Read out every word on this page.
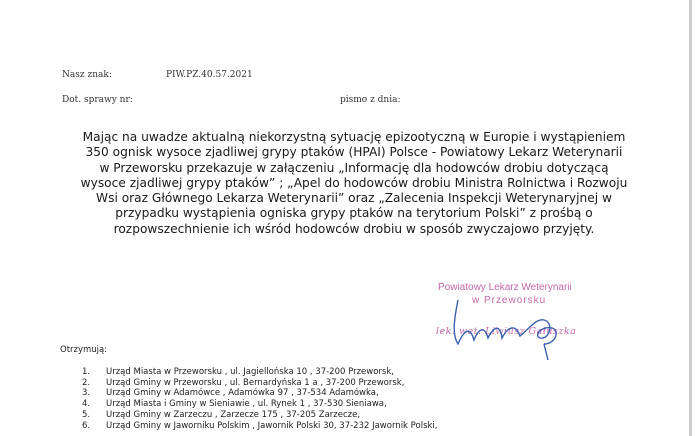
Nasz znak:	PIW.PZ.40.57.2021
Dot. sprawy nr:	pismo z dnia:
Mając na uwadze aktualną niekorzystną sytuację epizootyczną w Europie i wystąpieniem 350 ognisk wysoce zjadliwej grypy ptaków (HPAI) Polsce - Powiatowy Lekarz Weterynarii w Przeworsku przekazuje w załączeniu „Informację dla hodowców drobiu dotyczącą wysoce zjadliwej grypy ptaków” ; „Apel do hodowców drobiu Ministra Rolnictwa i Rozwoju Wsi oraz Głównego Lekarza Weterynarii” oraz „Zalecenia Inspekcji Weterynaryjnej w przypadku wystąpienia ogniska grypy ptaków na terytorium Polski” z prośbą o rozpowszechnienie ich wśród hodowców drobiu w sposób zwyczajowo przyjęty.
Powiatowy Lekarz Weterynarii
w Przeworsku
lek. wet. Liwiusz Gałuszka
Otrzymują:
1.	Urząd Miasta w Przeworsku , ul. Jagiellońska 10 , 37-200 Przeworsk,
2.	Urząd Gminy w Przeworsku , ul. Bernardyńska 1 a , 37-200 Przeworsk,
3.	Urząd Gminy w Adamówce , Adamówka 97 , 37-534 Adamówka,
4.	Urząd Miasta i Gminy w Sieniawie , ul. Rynek 1 , 37-530 Sieniawa,
5.	Urząd Gminy w Zarzeczu , Zarzecze 175 , 37-205 Zarzecze,
6.	Urząd Gminy w Jaworniku Polskim , Jawornik Polski 30, 37-232 Jawornik Polski,
